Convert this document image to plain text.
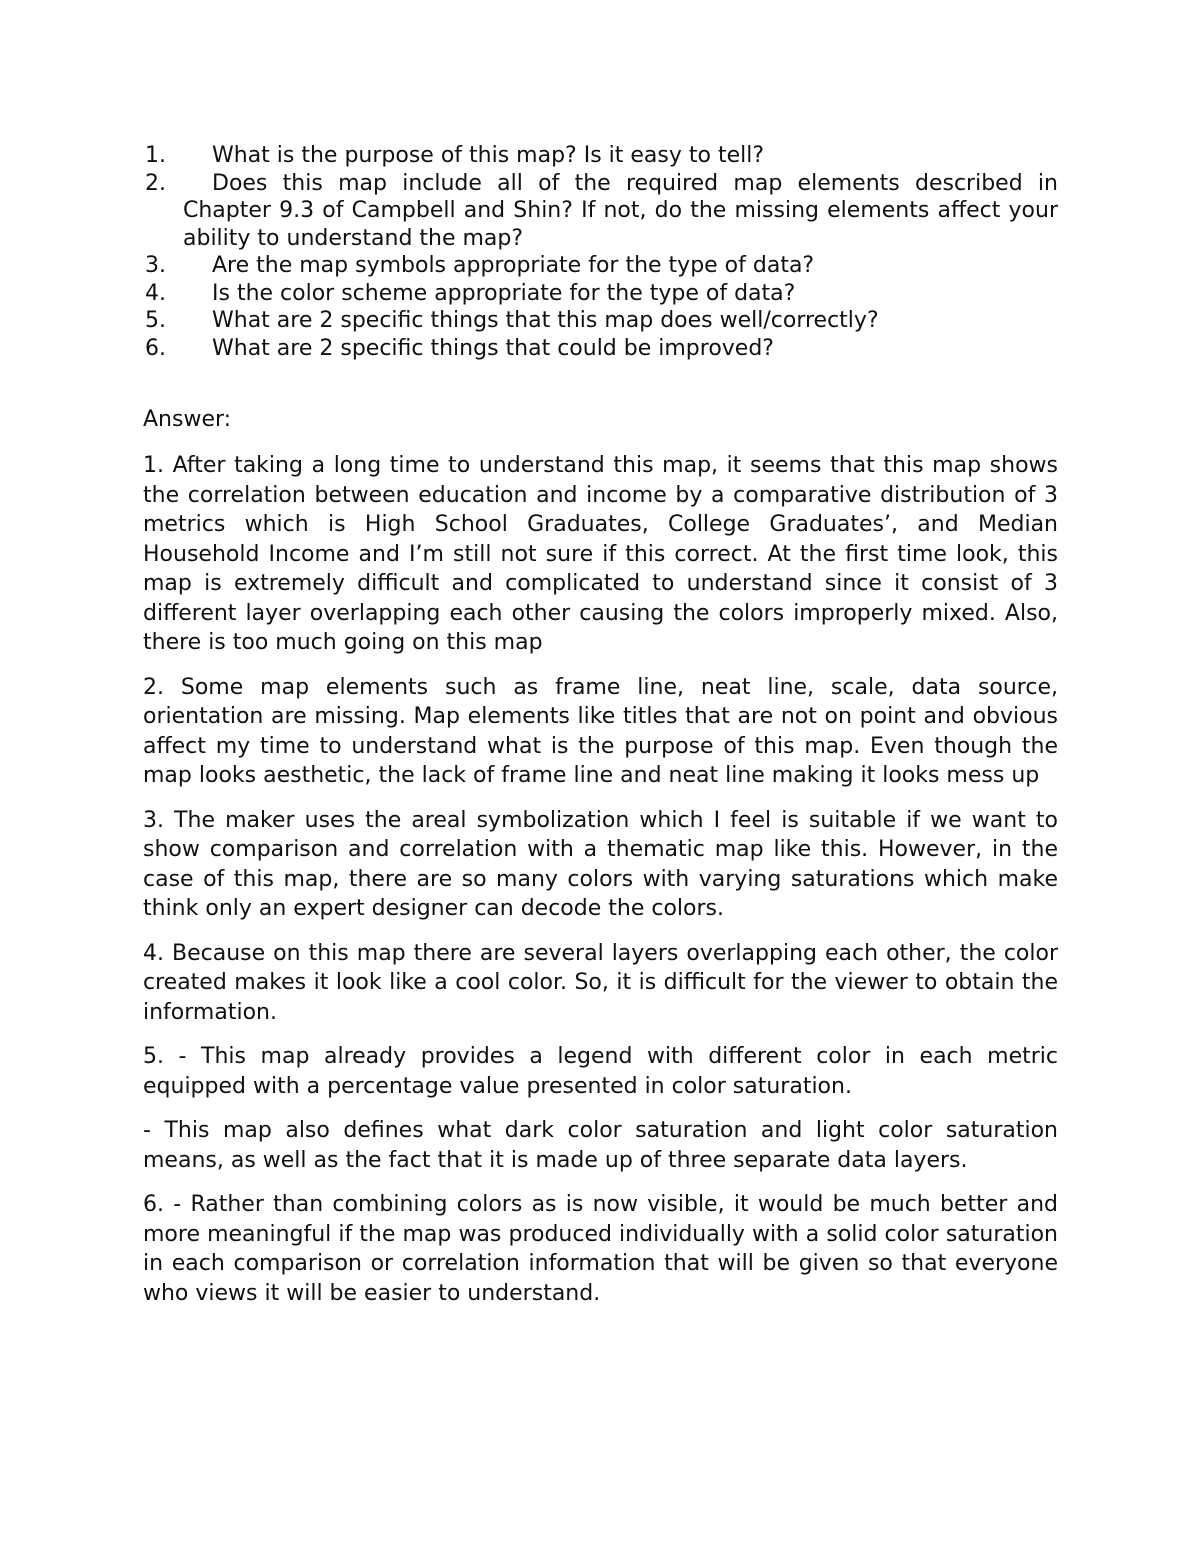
1.	What is the purpose of this map? Is it easy to tell?
2.	Does this map include all of the required map elements described in Chapter 9.3 of Campbell and Shin? If not, do the missing elements affect your ability to understand the map?
3.	Are the map symbols appropriate for the type of data?
4.	Is the color scheme appropriate for the type of data?
5.	What are 2 specific things that this map does well/correctly?
6.	What are 2 specific things that could be improved?
Answer:

1. After taking a long time to understand this map, it seems that this map shows the correlation between education and income by a comparative distribution of 3 metrics which is High School Graduates, College Graduates’, and Median Household Income and I’m still not sure if this correct. At the first time look, this map is extremely difficult and complicated to understand since it consist of 3 different layer overlapping each other causing the colors improperly mixed. Also, there is too much going on this map

2. Some map elements such as frame line, neat line, scale, data source, orientation are missing. Map elements like titles that are not on point and obvious affect my time to understand what is the purpose of this map. Even though the map looks aesthetic, the lack of frame line and neat line making it looks mess up

3. The maker uses the areal symbolization which I feel is suitable if we want to show comparison and correlation with a thematic map like this. However, in the case of this map, there are so many colors with varying saturations which make think only an expert designer can decode the colors.

4. Because on this map there are several layers overlapping each other, the color created makes it look like a cool color. So, it is difficult for the viewer to obtain the information.

5. - This map already provides a legend with different color in each metric equipped with a percentage value presented in color saturation.

- This map also defines what dark color saturation and light color saturation means, as well as the fact that it is made up of three separate data layers.

6. - Rather than combining colors as is now visible, it would be much better and more meaningful if the map was produced individually with a solid color saturation in each comparison or correlation information that will be given so that everyone who views it will be easier to understand.
